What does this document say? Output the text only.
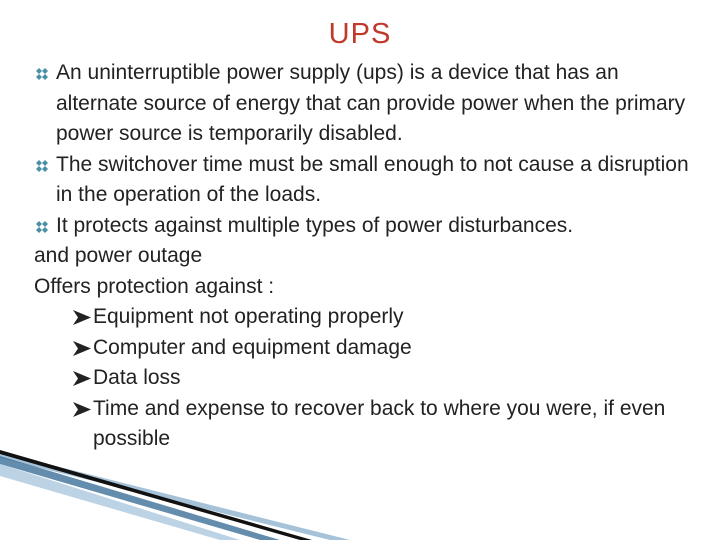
UPS
An uninterruptible power supply (ups) is a device that has an alternate source of energy that can provide power when the primary power source is temporarily disabled.
The switchover time must be small enough to not cause a disruption in the operation of the loads.
It protects against multiple types of power disturbances.
and power outage
Offers protection against :
Equipment not operating properly
Computer and equipment damage
Data loss
Time and expense to recover back to where you were, if even possible
